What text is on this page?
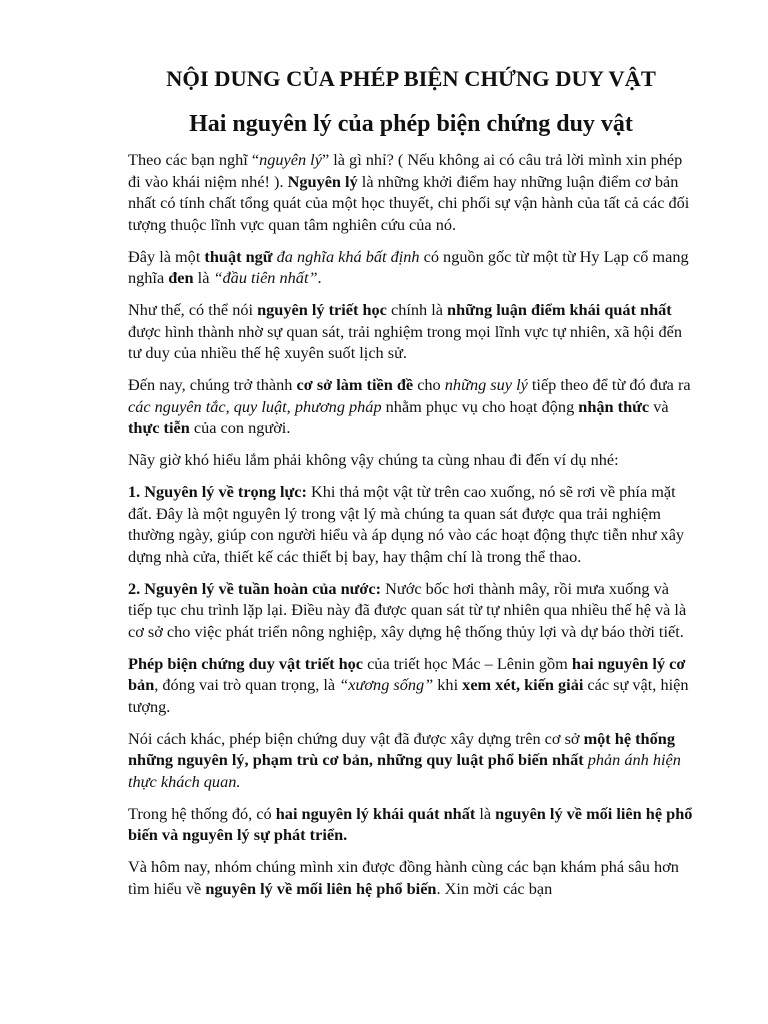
NỘI DUNG CỦA PHÉP BIỆN CHỨNG DUY VẬT
Hai nguyên lý của phép biện chứng duy vật

Theo các bạn nghĩ “nguyên lý” là gì nhỉ? ( Nếu không ai có câu trả lời mình xin phép đi vào khái niệm nhé! ). Nguyên lý là những khởi điểm hay những luận điểm cơ bản nhất có tính chất tổng quát của một học thuyết, chi phối sự vận hành của tất cả các đối tượng thuộc lĩnh vực quan tâm nghiên cứu của nó.

Đây là một thuật ngữ đa nghĩa khá bất định có nguồn gốc từ một từ Hy Lạp cổ mang nghĩa đen là “đầu tiên nhất”.

Như thế, có thể nói nguyên lý triết học chính là những luận điểm khái quát nhất được hình thành nhờ sự quan sát, trải nghiệm trong mọi lĩnh vực tự nhiên, xã hội đến tư duy của nhiều thế hệ xuyên suốt lịch sử.

Đến nay, chúng trở thành cơ sở làm tiền đề cho những suy lý tiếp theo để từ đó đưa ra các nguyên tắc, quy luật, phương pháp nhằm phục vụ cho hoạt động nhận thức và thực tiễn của con người.

Nãy giờ khó hiểu lắm phải không vậy chúng ta cùng nhau đi đến ví dụ nhé:

1. Nguyên lý về trọng lực: Khi thả một vật từ trên cao xuống, nó sẽ rơi về phía mặt đất. Đây là một nguyên lý trong vật lý mà chúng ta quan sát được qua trải nghiệm thường ngày, giúp con người hiểu và áp dụng nó vào các hoạt động thực tiễn như xây dựng nhà cửa, thiết kế các thiết bị bay, hay thậm chí là trong thể thao.

2. Nguyên lý về tuần hoàn của nước: Nước bốc hơi thành mây, rồi mưa xuống và tiếp tục chu trình lặp lại. Điều này đã được quan sát từ tự nhiên qua nhiều thế hệ và là cơ sở cho việc phát triển nông nghiệp, xây dựng hệ thống thủy lợi và dự báo thời tiết.

Phép biện chứng duy vật triết học của triết học Mác – Lênin gồm hai nguyên lý cơ bản, đóng vai trò quan trọng, là “xương sống” khi xem xét, kiến giải các sự vật, hiện tượng.

Nói cách khác, phép biện chứng duy vật đã được xây dựng trên cơ sở một hệ thống những nguyên lý, phạm trù cơ bản, những quy luật phổ biến nhất phản ánh hiện thực khách quan.

Trong hệ thống đó, có hai nguyên lý khái quát nhất là nguyên lý về mối liên hệ phổ biến và nguyên lý sự phát triển.

Và hôm nay, nhóm chúng mình xin được đồng hành cùng các bạn khám phá sâu hơn tìm hiểu về nguyên lý về mối liên hệ phổ biến. Xin mời các bạn
